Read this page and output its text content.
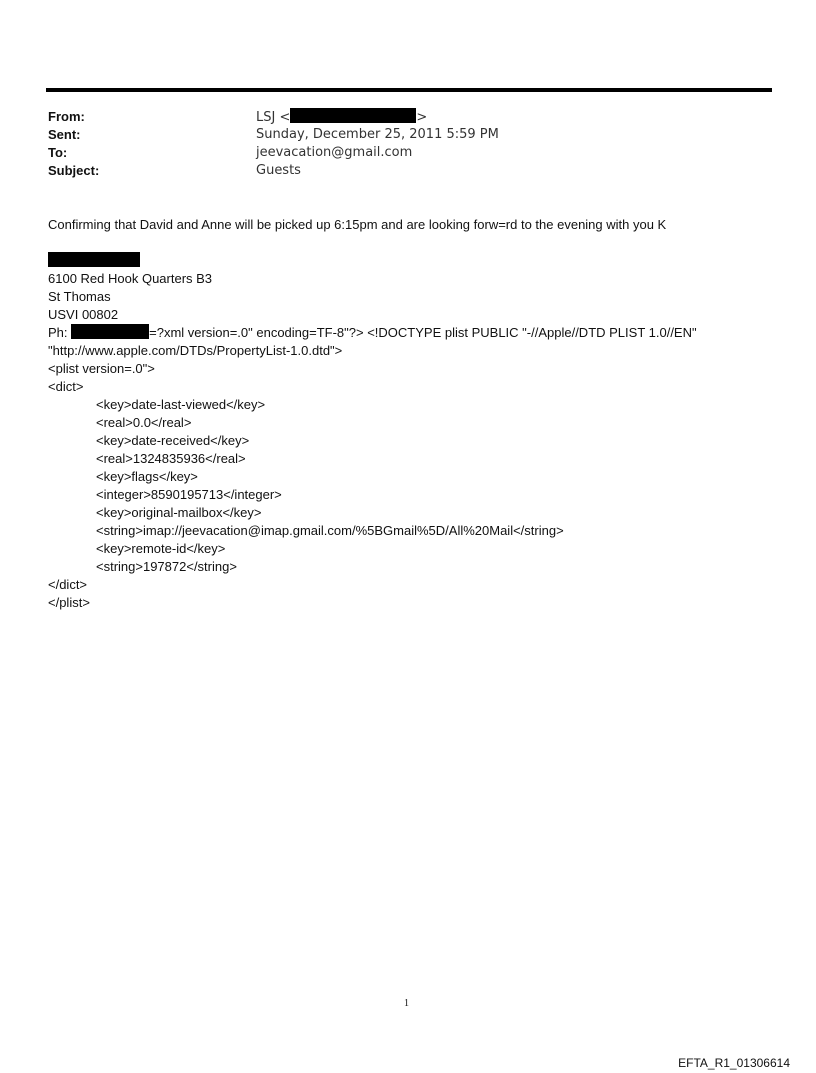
From:	LSJ <	>
Sent:	Sunday, December 25, 2011 5:59 PM
To:	jeevacation@gmail.com
Subject:	Guests
Confirming that David and Anne will be picked up 6:15pm and are looking forw=rd to the evening with you K
6100 Red Hook Quarters B3
St Thomas
USVI 00802
Ph:	=?xml version=.0" encoding=TF-8"?> <!DOCTYPE plist PUBLIC "-//Apple//DTD PLIST 1.0//EN"
"http://www.apple.com/DTDs/PropertyList-1.0.dtd">
<plist version=.0">
<dict>
<key>date-last-viewed</key>
<real>0.0</real>
<key>date-received</key>
<real>1324835936</real>
<key>flags</key>
<integer>8590195713</integer>
<key>original-mailbox</key>
<string>imap://jeevacation@imap.gmail.com/%5BGmail%5D/All%20Mail</string>
<key>remote-id</key>
<string>197872</string>
</dict>
</plist>
1
EFTA_R1_01306614
